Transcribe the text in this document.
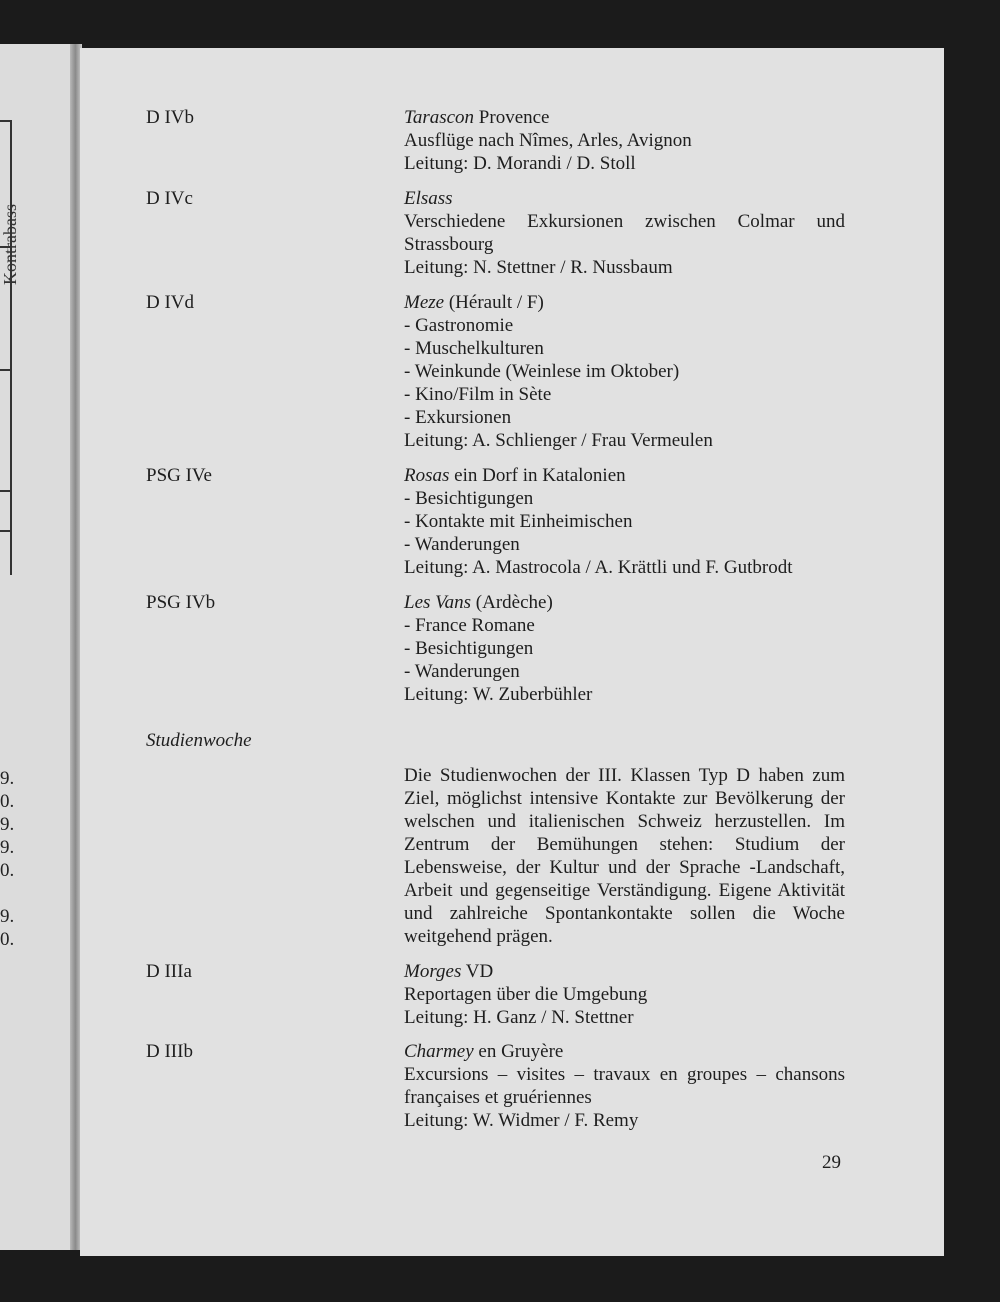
Kontrabass
9.
0.
9.
9.
0.
9.
0.
D IVb	Tarascon Provence
Ausflüge nach Nîmes, Arles, Avignon
Leitung: D. Morandi / D. Stoll
D IVc	Elsass
Verschiedene Exkursionen zwischen Colmar und
Strassbourg
Leitung: N. Stettner / R. Nussbaum
D IVd	Meze (Hérault / F)
- Gastronomie
- Muschelkulturen
- Weinkunde (Weinlese im Oktober)
- Kino/Film in Sète
- Exkursionen
Leitung: A. Schlienger / Frau Vermeulen
PSG IVe	Rosas ein Dorf in Katalonien
- Besichtigungen
- Kontakte mit Einheimischen
- Wanderungen
Leitung: A. Mastrocola / A. Krättli und F. Gutbrodt
PSG IVb	Les Vans (Ardèche)
- France Romane
- Besichtigungen
- Wanderungen
Leitung: W. Zuberbühler
Studienwoche
Die Studienwochen der III. Klassen Typ D haben zum Ziel, möglichst intensive Kontakte zur Bevölkerung der welschen und italienischen Schweiz herzustellen. Im Zentrum der Bemühungen stehen: Studium der Lebensweise, der Kultur und der Sprache -Landschaft, Arbeit und gegenseitige Verständigung. Eigene Aktivität und zahlreiche Spontankontakte sollen die Woche weitgehend prägen.
D IIIa	Morges VD
Reportagen über die Umgebung
Leitung: H. Ganz / N. Stettner
D IIIb	Charmey en Gruyère
Excursions – visites – travaux en groupes – chansons françaises et gruériennes
Leitung: W. Widmer / F. Remy
29
